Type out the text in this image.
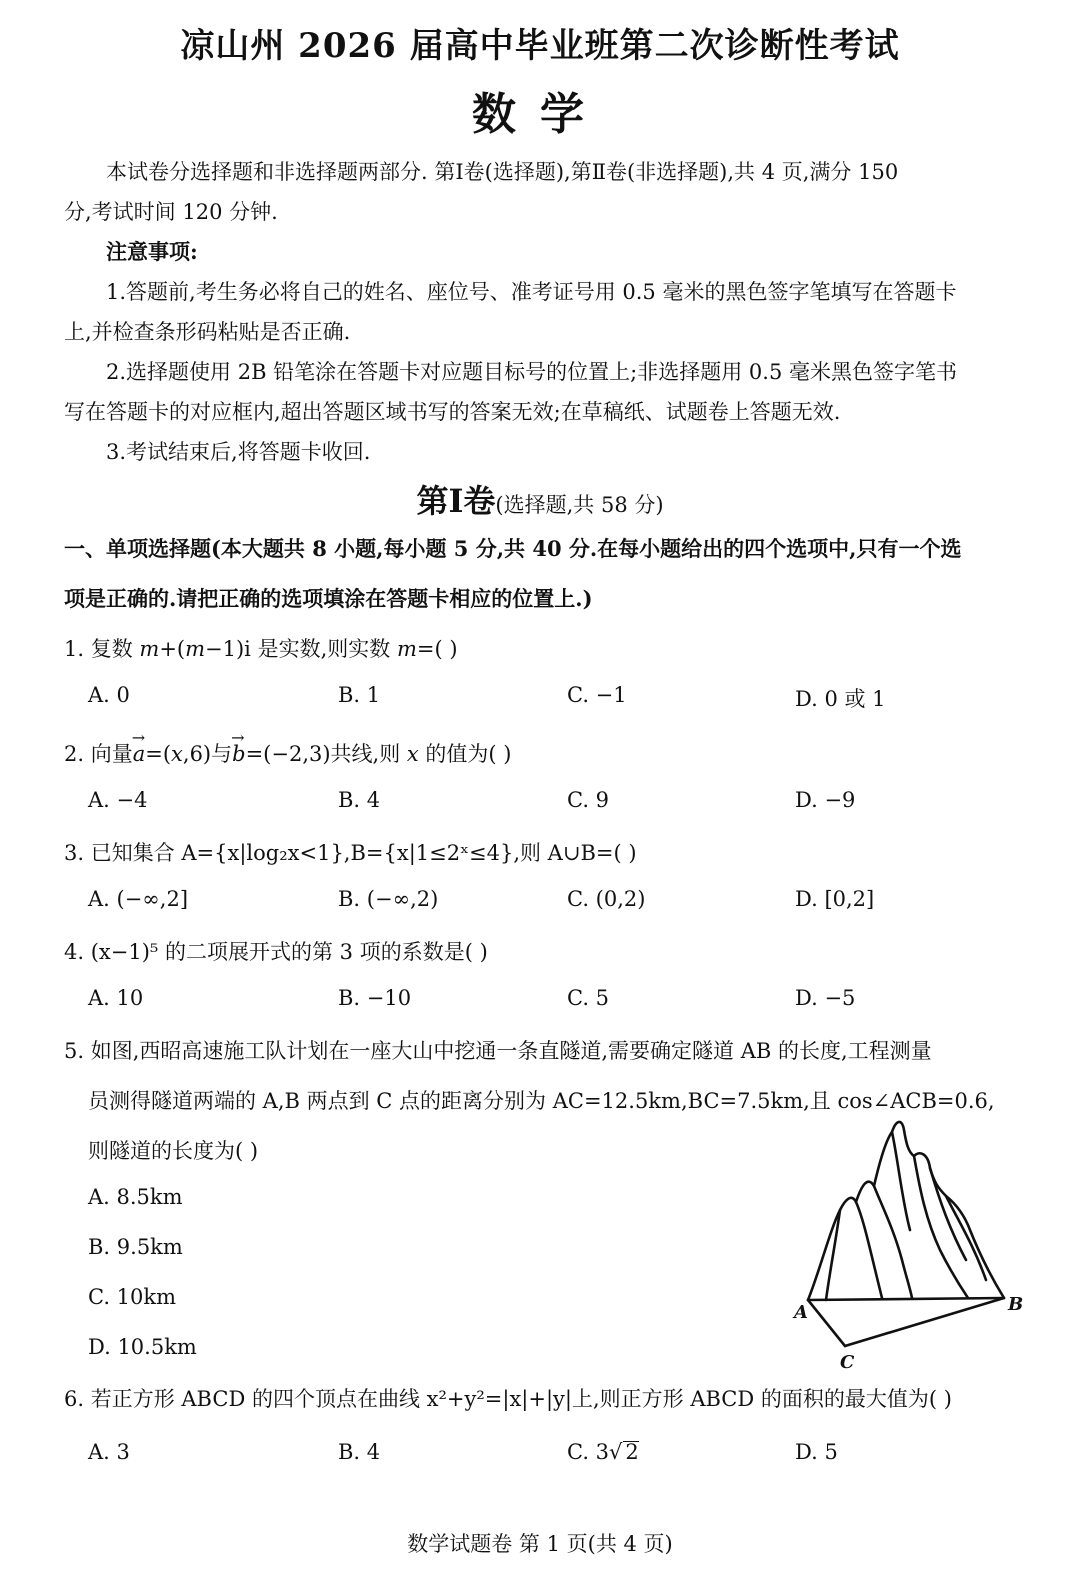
凉山州 2026 届高中毕业班第二次诊断性考试
数学
本试卷分选择题和非选择题两部分. 第Ⅰ卷(选择题),第Ⅱ卷(非选择题),共 4 页,满分 150
分,考试时间 120 分钟.
注意事项:
1.答题前,考生务必将自己的姓名、座位号、准考证号用 0.5 毫米的黑色签字笔填写在答题卡
上,并检查条形码粘贴是否正确.
2.选择题使用 2B 铅笔涂在答题卡对应题目标号的位置上;非选择题用 0.5 毫米黑色签字笔书
写在答题卡的对应框内,超出答题区域书写的答案无效;在草稿纸、试题卷上答题无效.
3.考试结束后,将答题卡收回.
第Ⅰ卷(选择题,共 58 分)
一、单项选择题(本大题共 8 小题,每小题 5 分,共 40 分.在每小题给出的四个选项中,只有一个选
项是正确的.请把正确的选项填涂在答题卡相应的位置上.)
1. 复数 m+(m−1)i 是实数,则实数 m=( )
A. 0	B. 1	C. −1	D. 0 或 1
2. 向量→ a=(x,6)与→ b=(−2,3)共线,则 x 的值为( )
A. −4	B. 4	C. 9	D. −9
3. 已知集合 A={x|log₂x<1},B={x|1≤2ˣ≤4},则 A∪B=( )
A. (−∞,2]	B. (−∞,2)	C. (0,2)	D. [0,2]
4. (x−1)⁵ 的二项展开式的第 3 项的系数是( )
A. 10	B. −10	C. 5	D. −5
5. 如图,西昭高速施工队计划在一座大山中挖通一条直隧道,需要确定隧道 AB 的长度,工程测量
员测得隧道两端的 A,B 两点到 C 点的距离分别为 AC=12.5km,BC=7.5km,且 cos∠ACB=0.6,
则隧道的长度为( )
A. 8.5km
B. 9.5km
C. 10km
D. 10.5km
A	B
C
6. 若正方形 ABCD 的四个顶点在曲线 x²+y²=|x|+|y|上,则正方形 ABCD 的面积的最大值为( )
A. 3	B. 4	C. 3√ 2	D. 5
数学试题卷 第 1 页(共 4 页)
